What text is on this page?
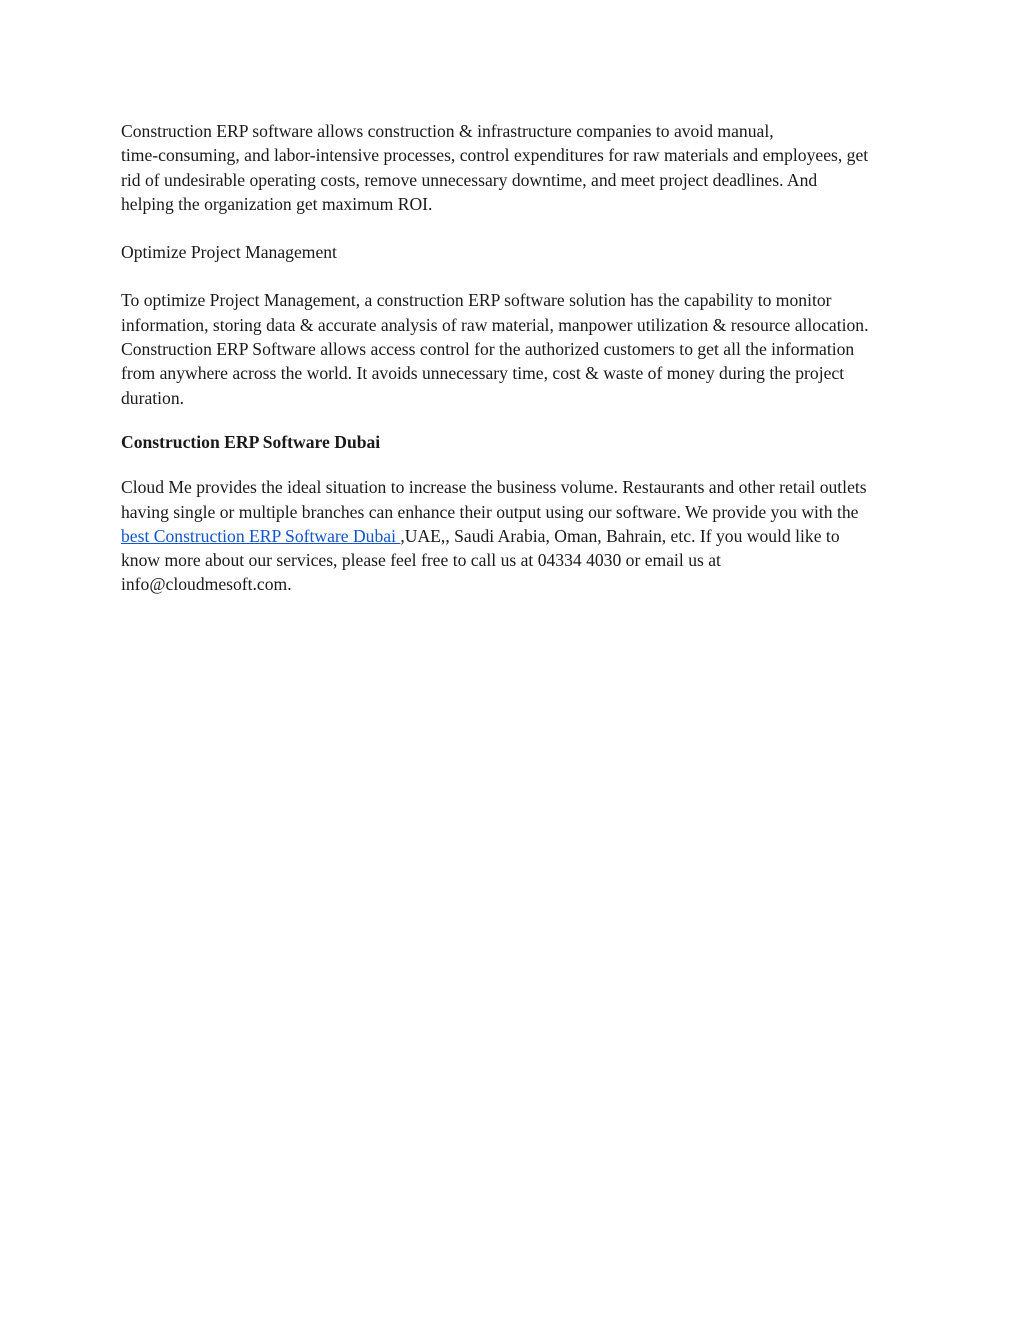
Construction ERP software allows construction & infrastructure companies to avoid manual,
time-consuming, and labor-intensive processes, control expenditures for raw materials and employees, get
rid of undesirable operating costs, remove unnecessary downtime, and meet project deadlines. And
helping the organization get maximum ROI.

Optimize Project Management

To optimize Project Management, a construction ERP software solution has the capability to monitor
information, storing data & accurate analysis of raw material, manpower utilization & resource allocation.
Construction ERP Software allows access control for the authorized customers to get all the information
from anywhere across the world. It avoids unnecessary time, cost & waste of money during the project
duration.

Construction ERP Software Dubai

Cloud Me provides the ideal situation to increase the business volume. Restaurants and other retail outlets
having single or multiple branches can enhance their output using our software. We provide you with the
best Construction ERP Software Dubai ,UAE,, Saudi Arabia, Oman, Bahrain, etc. If you would like to
know more about our services, please feel free to call us at 04334 4030 or email us at
info@cloudmesoft.com.
